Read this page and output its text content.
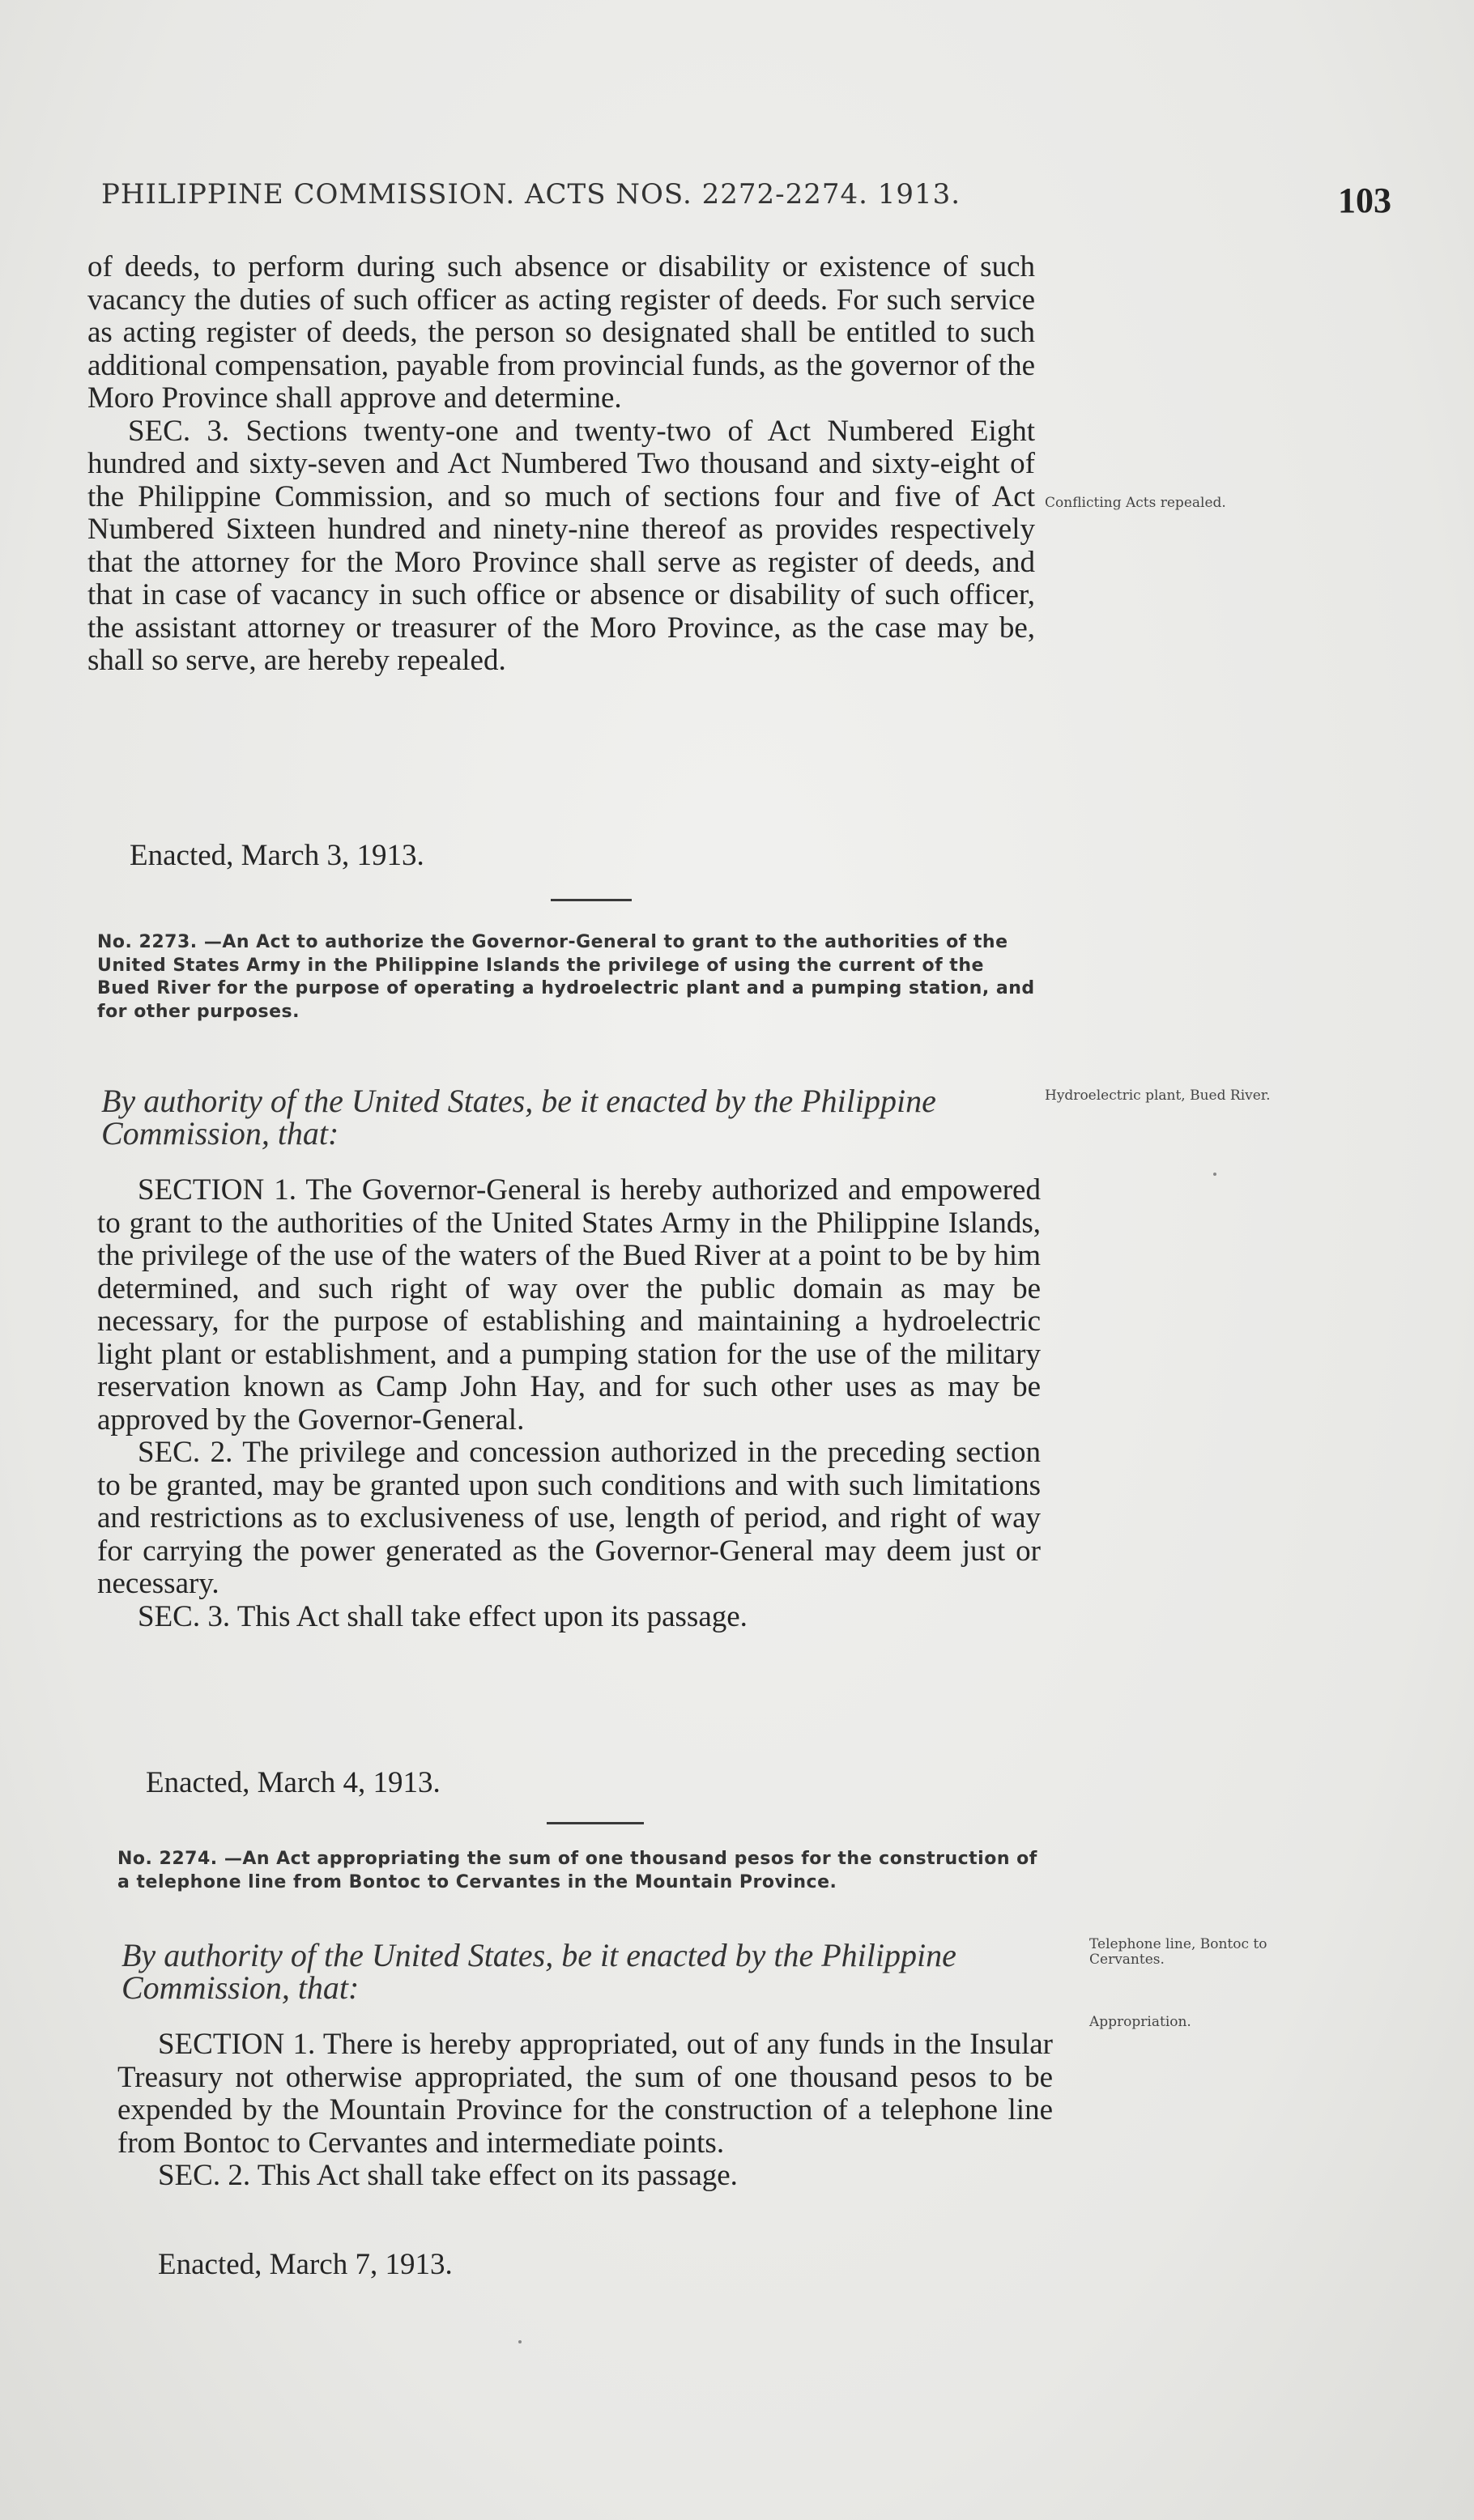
PHILIPPINE COMMISSION. ACTS NOS. 2272-2274. 1913.	103

of deeds, to perform during such absence or disability or existence of such vacancy the duties of such officer as acting register of deeds. For such service as acting register of deeds, the person so designated shall be entitled to such additional compensation, payable from provincial funds, as the governor of the Moro Province shall approve and determine.

SEC. 3. Sections twenty-one and twenty-two of Act Numbered Eight hundred and sixty-seven and Act Numbered Two thousand and sixty-eight of the Philippine Commission, and so much of sections four and five of Act Numbered Sixteen hundred and ninety-nine thereof as provides respectively that the attorney for the Moro Province shall serve as register of deeds, and that in case of vacancy in such office or absence or disability of such officer, the assistant attorney or treasurer of the Moro Province, as the case may be, shall so serve, are hereby repealed.

Enacted, March 3, 1913.
Conflicting Acts repealed.
No. 2273. —An Act to authorize the Governor-General to grant to the authorities of the United States Army in the Philippine Islands the privilege of using the current of the Bued River for the purpose of operating a hydroelectric plant and a pumping station, and for other purposes.
By authority of the United States, be it enacted by the Philippine Commission, that:
Hydroelectric plant, Bued River.

SECTION 1. The Governor-General is hereby authorized and empowered to grant to the authorities of the United States Army in the Philippine Islands, the privilege of the use of the waters of the Bued River at a point to be by him determined, and such right of way over the public domain as may be necessary, for the purpose of establishing and maintaining a hydroelectric light plant or establishment, and a pumping station for the use of the military reservation known as Camp John Hay, and for such other uses as may be approved by the Governor-General.

SEC. 2. The privilege and concession authorized in the preceding section to be granted, may be granted upon such conditions and with such limitations and restrictions as to exclusiveness of use, length of period, and right of way for carrying the power generated as the Governor-General may deem just or necessary.

SEC. 3. This Act shall take effect upon its passage.

Enacted, March 4, 1913.
No. 2274. —An Act appropriating the sum of one thousand pesos for the construction of a telephone line from Bontoc to Cervantes in the Mountain Province.
By authority of the United States, be it enacted by the Philippine Commission, that:
Telephone line, Bontoc to Cervantes.
Appropriation.

SECTION 1. There is hereby appropriated, out of any funds in the Insular Treasury not otherwise appropriated, the sum of one thousand pesos to be expended by the Mountain Province for the construction of a telephone line from Bontoc to Cervantes and intermediate points.

SEC. 2. This Act shall take effect on its passage.

Enacted, March 7, 1913.
